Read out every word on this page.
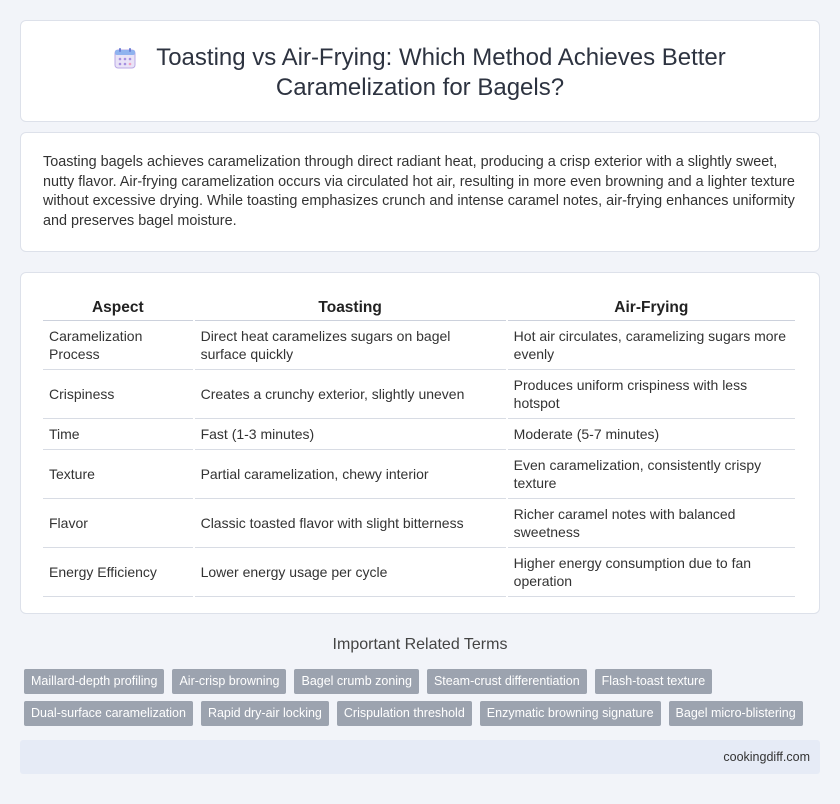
Toasting vs Air-Frying: Which Method Achieves Better
Caramelization for Bagels?

Toasting bagels achieves caramelization through direct radiant heat, producing a crisp exterior with a slightly sweet, nutty flavor. Air-frying caramelization occurs via circulated hot air, resulting in more even browning and a lighter texture without excessive drying. While toasting emphasizes crunch and intense caramel notes, air-frying enhances uniformity and preserves bagel moisture.

Aspect	Toasting	Air-Frying
Caramelization Process	Direct heat caramelizes sugars on bagel surface quickly	Hot air circulates, caramelizing sugars more evenly
Crispiness	Creates a crunchy exterior, slightly uneven	Produces uniform crispiness with less hotspot
Time	Fast (1-3 minutes)	Moderate (5-7 minutes)
Texture	Partial caramelization, chewy interior	Even caramelization, consistently crispy texture
Flavor	Classic toasted flavor with slight bitterness	Richer caramel notes with balanced sweetness
Energy Efficiency	Lower energy usage per cycle	Higher energy consumption due to fan operation
Important Related Terms
Maillard-depth profiling	Air-crisp browning	Bagel crumb zoning	Steam-crust differentiation	Flash-toast texture
Dual-surface caramelization	Rapid dry-air locking	Crispulation threshold	Enzymatic browning signature	Bagel micro-blistering
cookingdiff.com
